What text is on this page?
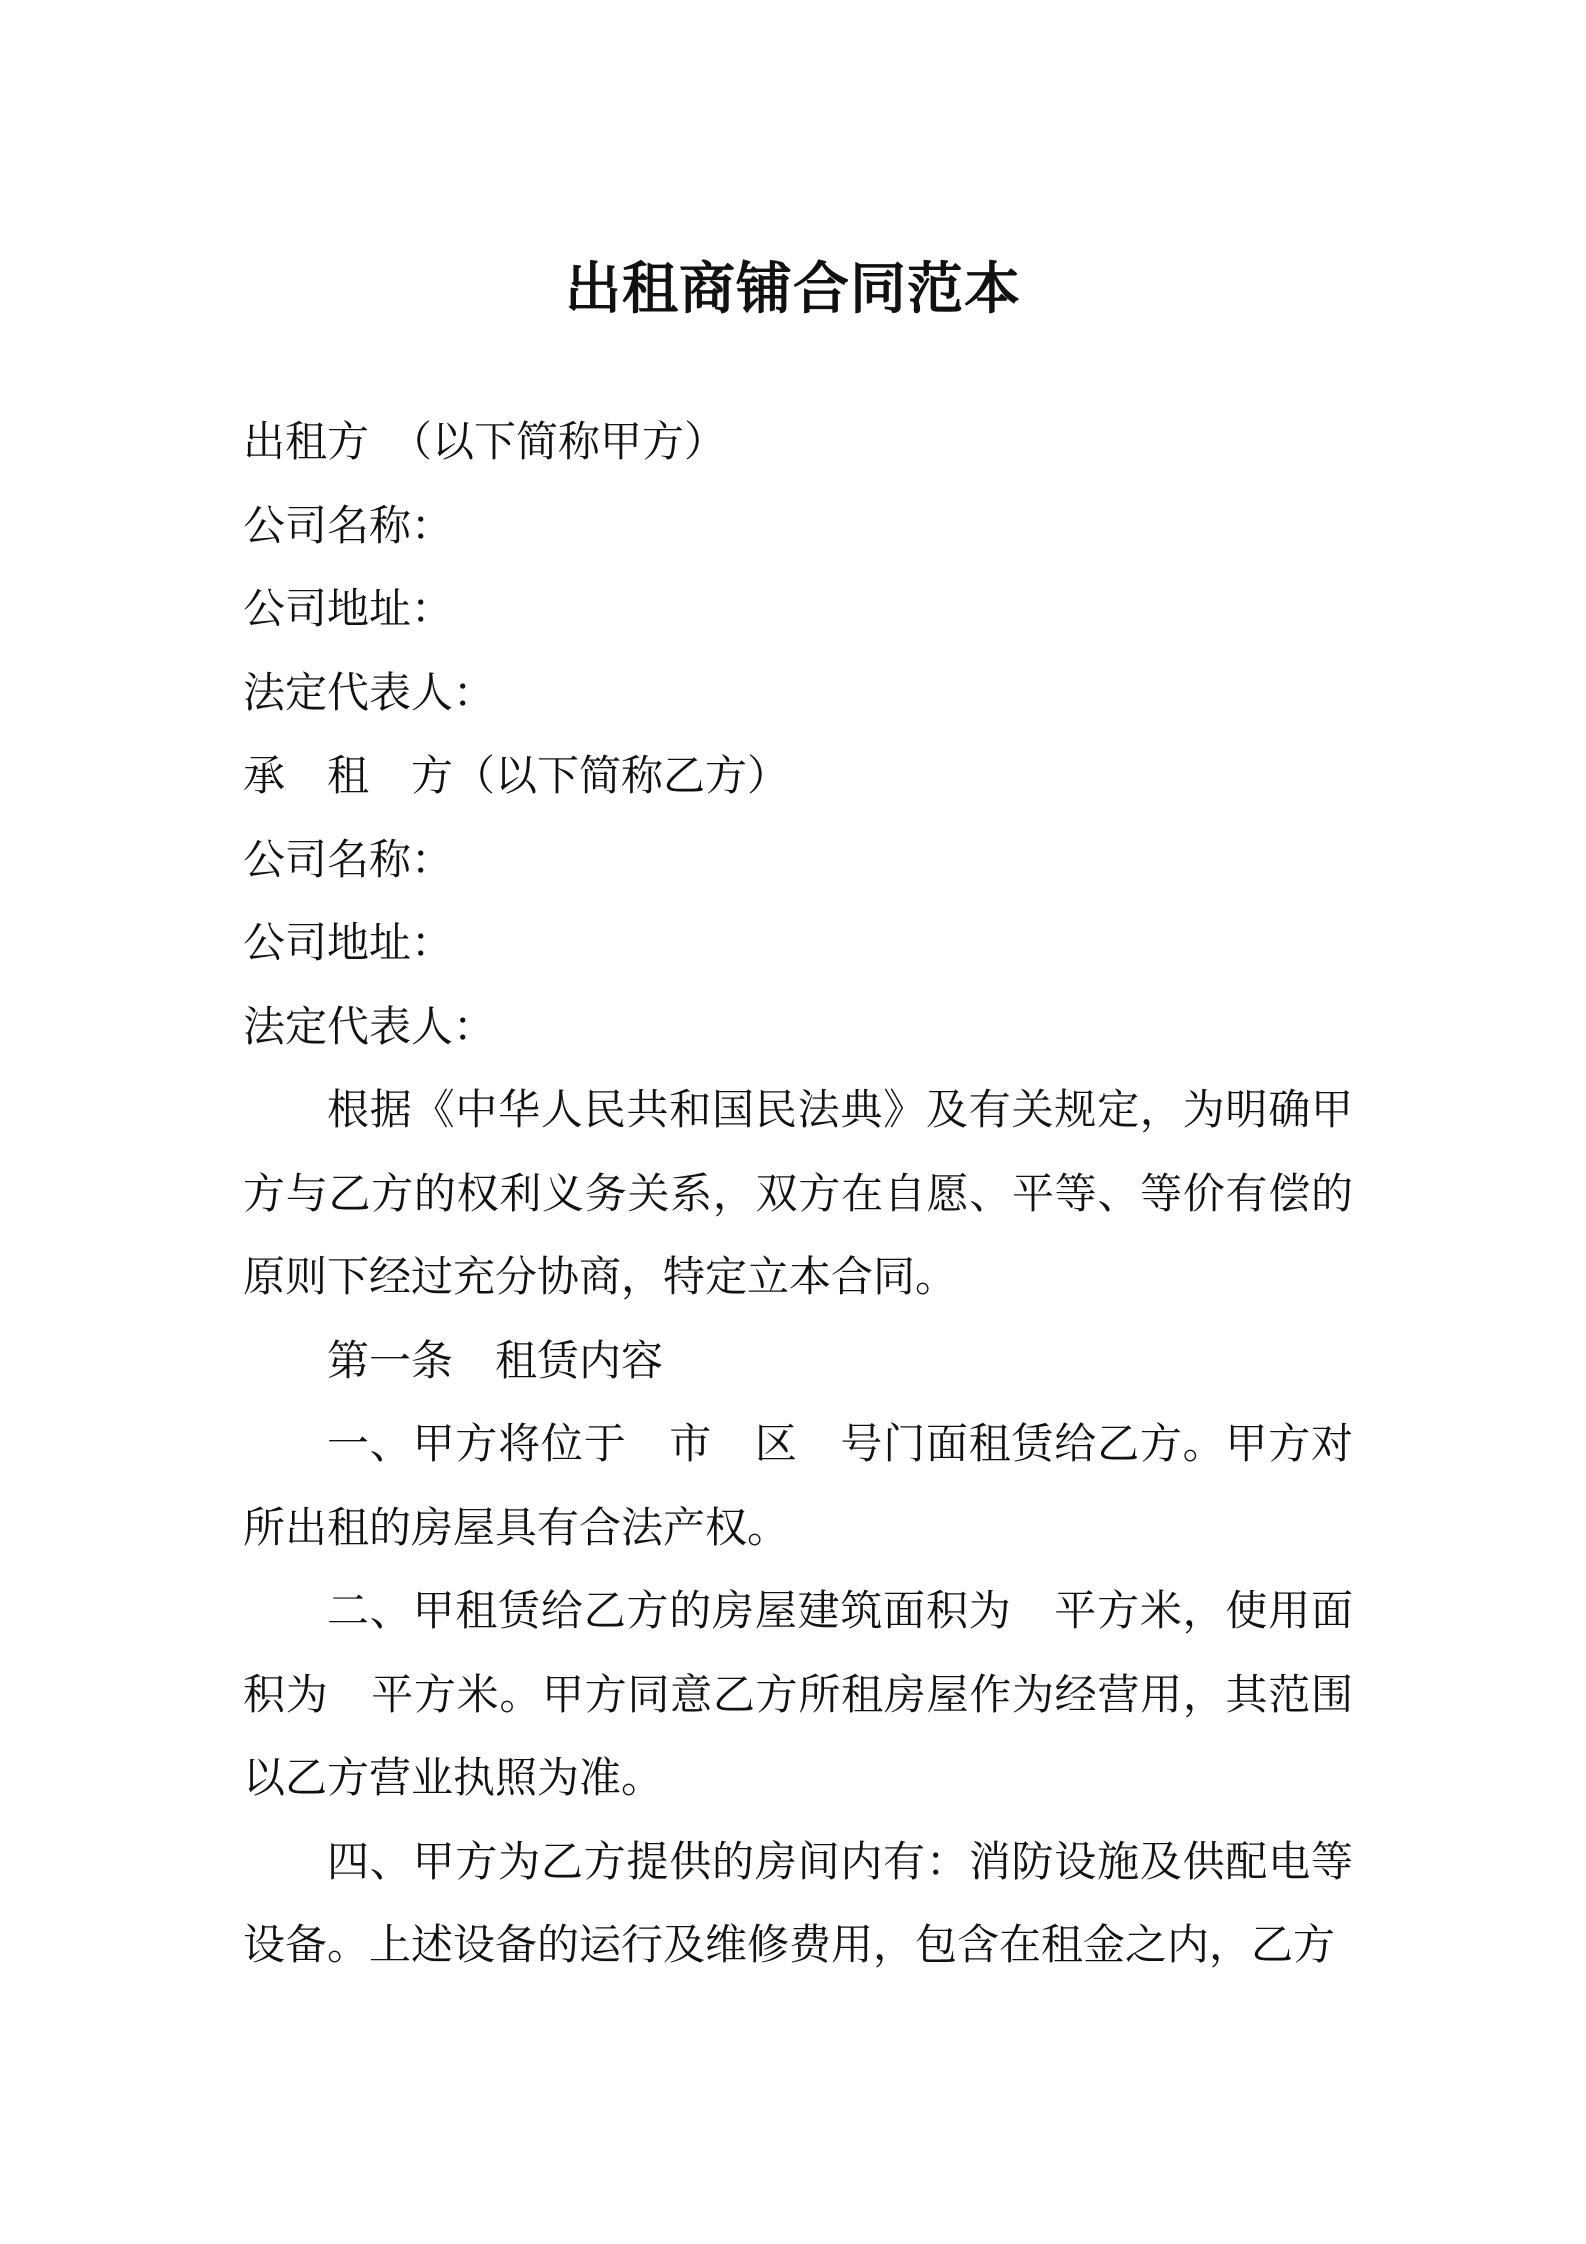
出租商铺合同范本
出租方　（以下简称甲方）
公司名称：
公司地址：
法定代表人：
承　租　方（以下简称乙方）
公司名称：
公司地址：
法定代表人：

根据《中华人民共和国民法典》及有关规定，为明确甲方与乙方的权利义务关系，双方在自愿、平等、等价有偿的原则下经过充分协商，特定立本合同。

第一条　租赁内容

一、甲方将位于　市　区　号门面租赁给乙方。甲方对所出租的房屋具有合法产权。

二、甲租赁给乙方的房屋建筑面积为　平方米，使用面积为　平方米。甲方同意乙方所租房屋作为经营用，其范围以乙方营业执照为准。

四、甲方为乙方提供的房间内有：消防设施及供配电等设备。上述设备的运行及维修费用，包含在租金之内，乙方
